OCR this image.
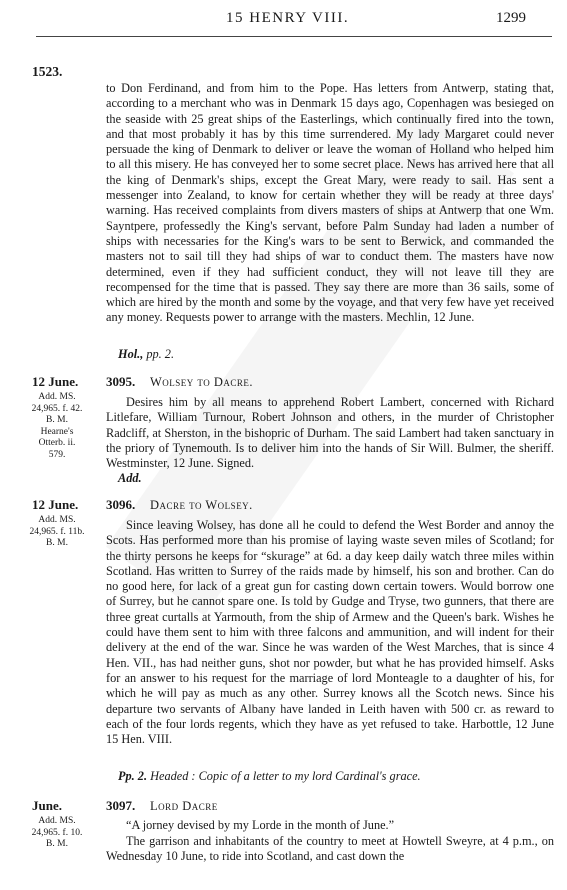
15 HENRY VIII.	1299
1523.

to Don Ferdinand, and from him to the Pope. Has letters from Antwerp, stating that, according to a merchant who was in Denmark 15 days ago, Copenhagen was besieged on the seaside with 25 great ships of the Easterlings, which continually fired into the town, and that most probably it has by this time surrendered. My lady Margaret could never persuade the king of Denmark to deliver or leave the woman of Holland who helped him to all this misery. He has conveyed her to some secret place. News has arrived here that all the king of Denmark's ships, except the Great Mary, were ready to sail. Has sent a messenger into Zealand, to know for certain whether they will be ready at three days' warning. Has received complaints from divers masters of ships at Antwerp that one Wm. Sayntpere, professedly the King's servant, before Palm Sunday had laden a number of ships with necessaries for the King's wars to be sent to Berwick, and commanded the masters not to sail till they had ships of war to conduct them. The masters have now determined, even if they had sufficient conduct, they will not leave till they are recompensed for the time that is passed. They say there are more than 36 sails, some of which are hired by the month and some by the voyage, and that very few have yet received any money. Requests power to arrange with the masters. Mechlin, 12 June.

Hol., pp. 2.
12 June. 3095. Wolsey to Dacre.
Add. MS.
24,965. f. 42.
B. M.
Hearne's
Otterb. ii.
579.

Desires him by all means to apprehend Robert Lambert, concerned with Richard Litlefare, William Turnour, Robert Johnson and others, in the murder of Christopher Radcliff, at Sherston, in the bishopric of Durham. The said Lambert had taken sanctuary in the priory of Tynemouth. Is to deliver him into the hands of Sir Will. Bulmer, the sheriff. Westminster, 12 June. Signed.

Add.
12 June. 3096. Dacre to Wolsey.
Add. MS.
24,965. f. 11b.
B. M.

Since leaving Wolsey, has done all he could to defend the West Border and annoy the Scots. Has performed more than his promise of laying waste seven miles of Scotland; for the thirty persons he keeps for “skurage” at 6d. a day keep daily watch three miles within Scotland. Has written to Surrey of the raids made by himself, his son and brother. Can do no good here, for lack of a great gun for casting down certain towers. Would borrow one of Surrey, but he cannot spare one. Is told by Gudge and Tryse, two gunners, that there are three great curtalls at Yarmouth, from the ship of Armew and the Queen's bark. Wishes he could have them sent to him with three falcons and ammunition, and will indent for their delivery at the end of the war. Since he was warden of the West Marches, that is since 4 Hen. VII., has had neither guns, shot nor powder, but what he has provided himself. Asks for an answer to his request for the marriage of lord Monteagle to a daughter of his, for which he will pay as much as any other. Surrey knows all the Scotch news. Since his departure two servants of Albany have landed in Leith haven with 500 cr. as reward to each of the four lords regents, which they have as yet refused to take. Harbottle, 12 June 15 Hen. VIII.

Pp. 2. Headed : Copic of a letter to my lord Cardinal's grace.
June.	3097. Lord Dacre
Add. MS.
24,965. f. 10.
B. M.

“A jorney devised by my Lorde in the month of June.”

The garrison and inhabitants of the country to meet at Howtell Sweyre, at 4 p.m., on Wednesday 10 June, to ride into Scotland, and cast down the
